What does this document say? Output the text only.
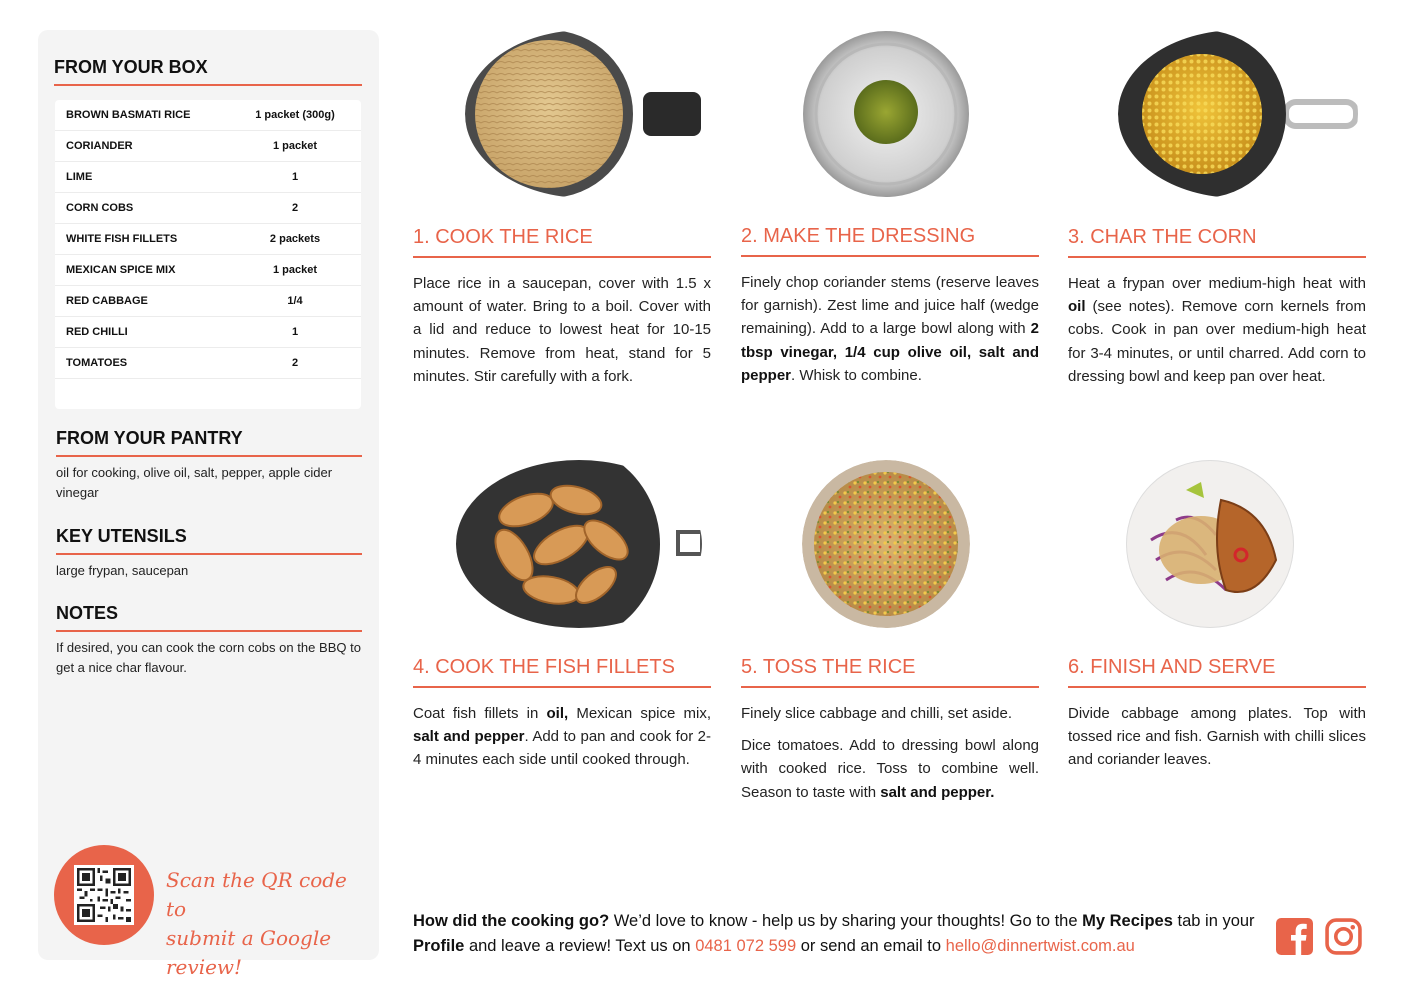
FROM YOUR BOX
BROWN BASMATI RICE	1 packet (300g)
CORIANDER	1 packet
LIME	1
CORN COBS	2
WHITE FISH FILLETS	2 packets
MEXICAN SPICE MIX	1 packet
RED CABBAGE	1/4
RED CHILLI	1
TOMATOES	2
FROM YOUR PANTRY
oil for cooking, olive oil, salt, pepper, apple cider vinegar
KEY UTENSILS
large frypan, saucepan
NOTES
If desired, you can cook the corn cobs on the BBQ to get a nice char flavour.
Scan the QR code to
submit a Google review!
1. COOK THE RICE

Place rice in a saucepan, cover with 1.5 x amount of water. Bring to a boil. Cover with a lid and reduce to lowest heat for 10-15 minutes. Remove from heat, stand for 5 minutes. Stir carefully with a fork.

2. MAKE THE DRESSING

Finely chop coriander stems (reserve leaves for garnish). Zest lime and juice half (wedge remaining). Add to a large bowl along with 2 tbsp vinegar, 1/4 cup olive oil, salt and pepper. Whisk to combine.

3. CHAR THE CORN

Heat a frypan over medium-high heat with oil (see notes). Remove corn kernels from cobs. Cook in pan over medium-high heat for 3-4 minutes, or until charred. Add corn to dressing bowl and keep pan over heat.

4. COOK THE FISH FILLETS

Coat fish fillets in oil, Mexican spice mix, salt and pepper. Add to pan and cook for 2-4 minutes each side until cooked through.

5. TOSS THE RICE

Finely slice cabbage and chilli, set aside.

Dice tomatoes. Add to dressing bowl along with cooked rice. Toss to combine well. Season to taste with salt and pepper.

6. FINISH AND SERVE

Divide cabbage among plates. Top with tossed rice and fish. Garnish with chilli slices and coriander leaves.

How did the cooking go? We’d love to know - help us by sharing your thoughts! Go to the My Recipes tab in your Profile and leave a review! Text us on 0481 072 599 or send an email to hello@dinnertwist.com.au
